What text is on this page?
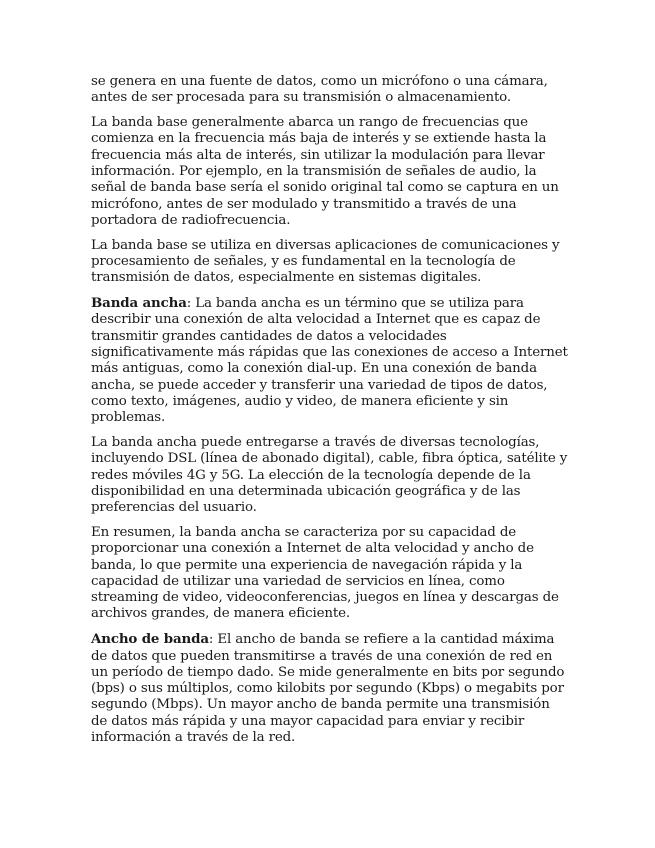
se genera en una fuente de datos, como un micrófono o una cámara, antes de ser procesada para su transmisión o almacenamiento.

La banda base generalmente abarca un rango de frecuencias que comienza en la frecuencia más baja de interés y se extiende hasta la frecuencia más alta de interés, sin utilizar la modulación para llevar información. Por ejemplo, en la transmisión de señales de audio, la señal de banda base sería el sonido original tal como se captura en un micrófono, antes de ser modulado y transmitido a través de una portadora de radiofrecuencia.

La banda base se utiliza en diversas aplicaciones de comunicaciones y procesamiento de señales, y es fundamental en la tecnología de transmisión de datos, especialmente en sistemas digitales.

Banda ancha: La banda ancha es un término que se utiliza para describir una conexión de alta velocidad a Internet que es capaz de transmitir grandes cantidades de datos a velocidades significativamente más rápidas que las conexiones de acceso a Internet más antiguas, como la conexión dial-up. En una conexión de banda ancha, se puede acceder y transferir una variedad de tipos de datos, como texto, imágenes, audio y video, de manera eficiente y sin problemas.

La banda ancha puede entregarse a través de diversas tecnologías, incluyendo DSL (línea de abonado digital), cable, fibra óptica, satélite y redes móviles 4G y 5G. La elección de la tecnología depende de la disponibilidad en una determinada ubicación geográfica y de las preferencias del usuario.

En resumen, la banda ancha se caracteriza por su capacidad de proporcionar una conexión a Internet de alta velocidad y ancho de banda, lo que permite una experiencia de navegación rápida y la capacidad de utilizar una variedad de servicios en línea, como streaming de video, videoconferencias, juegos en línea y descargas de archivos grandes, de manera eficiente.

Ancho de banda: El ancho de banda se refiere a la cantidad máxima de datos que pueden transmitirse a través de una conexión de red en un período de tiempo dado. Se mide generalmente en bits por segundo (bps) o sus múltiplos, como kilobits por segundo (Kbps) o megabits por segundo (Mbps). Un mayor ancho de banda permite una transmisión de datos más rápida y una mayor capacidad para enviar y recibir información a través de la red.
